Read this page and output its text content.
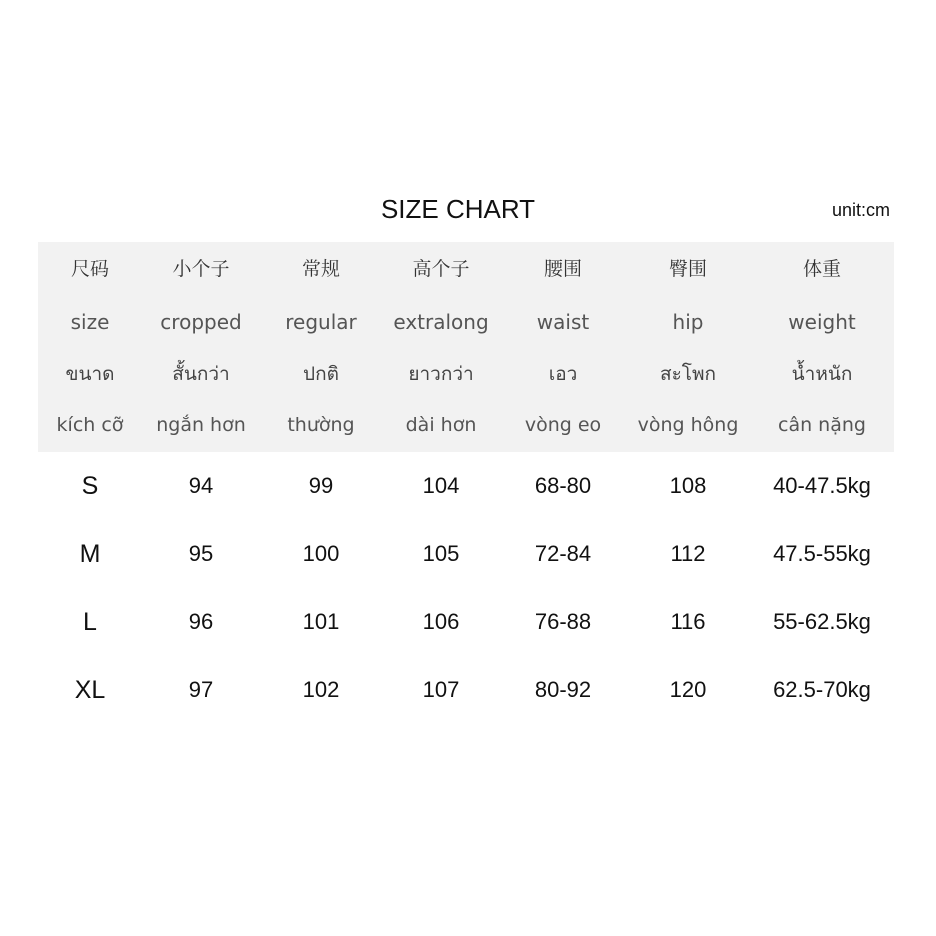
SIZE CHART	unit:cm
尺码	小个子	常规	高个子	腰围	臀围	体重
size	cropped	regular	extralong	waist	hip	weight
ขนาด	สั้นกว่า	ปกติ	ยาวกว่า	เอว	สะโพก	น้ำหนัก
kích cỡ	ngắn hơn	thường	dài hơn	vòng eo	vòng hông	cân nặng
S	94	99	104	68-80	108	40-47.5kg
M	95	100	105	72-84	112	47.5-55kg
L	96	101	106	76-88	116	55-62.5kg
XL	97	102	107	80-92	120	62.5-70kg
